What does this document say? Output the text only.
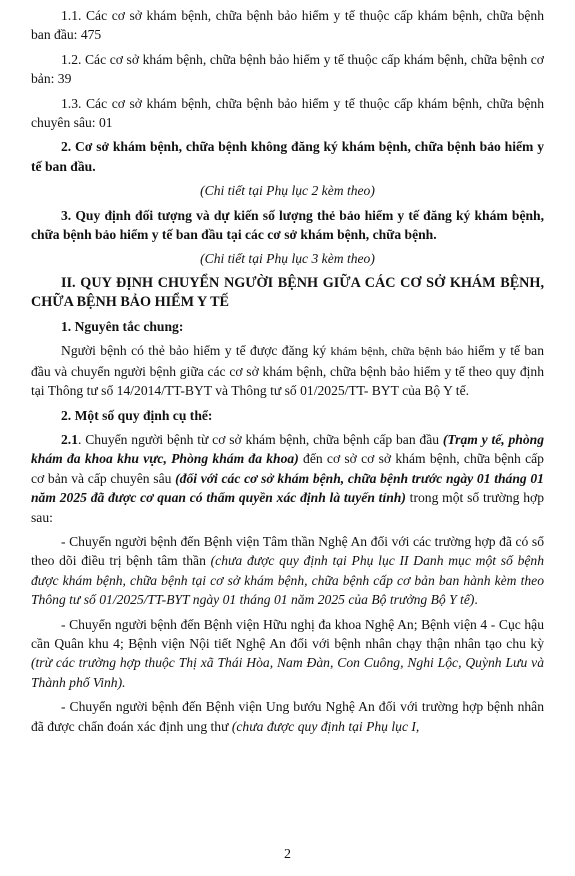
1.1. Các cơ sở khám bệnh, chữa bệnh bảo hiểm y tế thuộc cấp khám bệnh, chữa bệnh ban đầu: 475

1.2. Các cơ sở khám bệnh, chữa bệnh bảo hiểm y tế thuộc cấp khám bệnh, chữa bệnh cơ bản: 39

1.3. Các cơ sở khám bệnh, chữa bệnh bảo hiểm y tế thuộc cấp khám bệnh, chữa bệnh chuyên sâu: 01

2. Cơ sở khám bệnh, chữa bệnh không đăng ký khám bệnh, chữa bệnh bảo hiểm y tế ban đầu.

(Chi tiết tại Phụ lục 2 kèm theo)

3. Quy định đối tượng và dự kiến số lượng thẻ bảo hiểm y tế đăng ký khám bệnh, chữa bệnh bảo hiểm y tế ban đầu tại các cơ sở khám bệnh, chữa bệnh.

(Chi tiết tại Phụ lục 3 kèm theo)

II. QUY ĐỊNH CHUYỂN NGƯỜI BỆNH GIỮA CÁC CƠ SỞ KHÁM BỆNH, CHỮA BỆNH BẢO HIỂM Y TẾ

1. Nguyên tắc chung:

Người bệnh có thẻ bảo hiểm y tế được đăng ký khám bệnh, chữa bệnh bảo hiểm y tế ban đầu và chuyển người bệnh giữa các cơ sở khám bệnh, chữa bệnh bảo hiểm y tế theo quy định tại Thông tư số 14/2014/TT-BYT và Thông tư số 01/2025/TT- BYT của Bộ Y tế.

2. Một số quy định cụ thể:

2.1. Chuyển người bệnh từ cơ sở khám bệnh, chữa bệnh cấp ban đầu (Trạm y tế, phòng khám đa khoa khu vực, Phòng khám đa khoa) đến cơ sở cơ sở khám bệnh, chữa bệnh cấp cơ bản và cấp chuyên sâu (đối với các cơ sở khám bệnh, chữa bệnh trước ngày 01 tháng 01 năm 2025 đã được cơ quan có thẩm quyền xác định là tuyến tỉnh) trong một số trường hợp sau:

- Chuyển người bệnh đến Bệnh viện Tâm thần Nghệ An đối với các trường hợp đã có sổ theo dõi điều trị bệnh tâm thần (chưa được quy định tại Phụ lục II Danh mục một số bệnh được khám bệnh, chữa bệnh tại cơ sở khám bệnh, chữa bệnh cấp cơ bản ban hành kèm theo Thông tư số 01/2025/TT-BYT ngày 01 tháng 01 năm 2025 của Bộ trưởng Bộ Y tế).

- Chuyển người bệnh đến Bệnh viện Hữu nghị đa khoa Nghệ An; Bệnh viện 4 - Cục hậu cần Quân khu 4; Bệnh viện Nội tiết Nghệ An đối với bệnh nhân chạy thận nhân tạo chu kỳ (trừ các trường hợp thuộc Thị xã Thái Hòa, Nam Đàn, Con Cuông, Nghi Lộc, Quỳnh Lưu và Thành phố Vinh).

- Chuyển người bệnh đến Bệnh viện Ung bướu Nghệ An đối với trường hợp bệnh nhân đã được chẩn đoán xác định ung thư (chưa được quy định tại Phụ lục I,

2
